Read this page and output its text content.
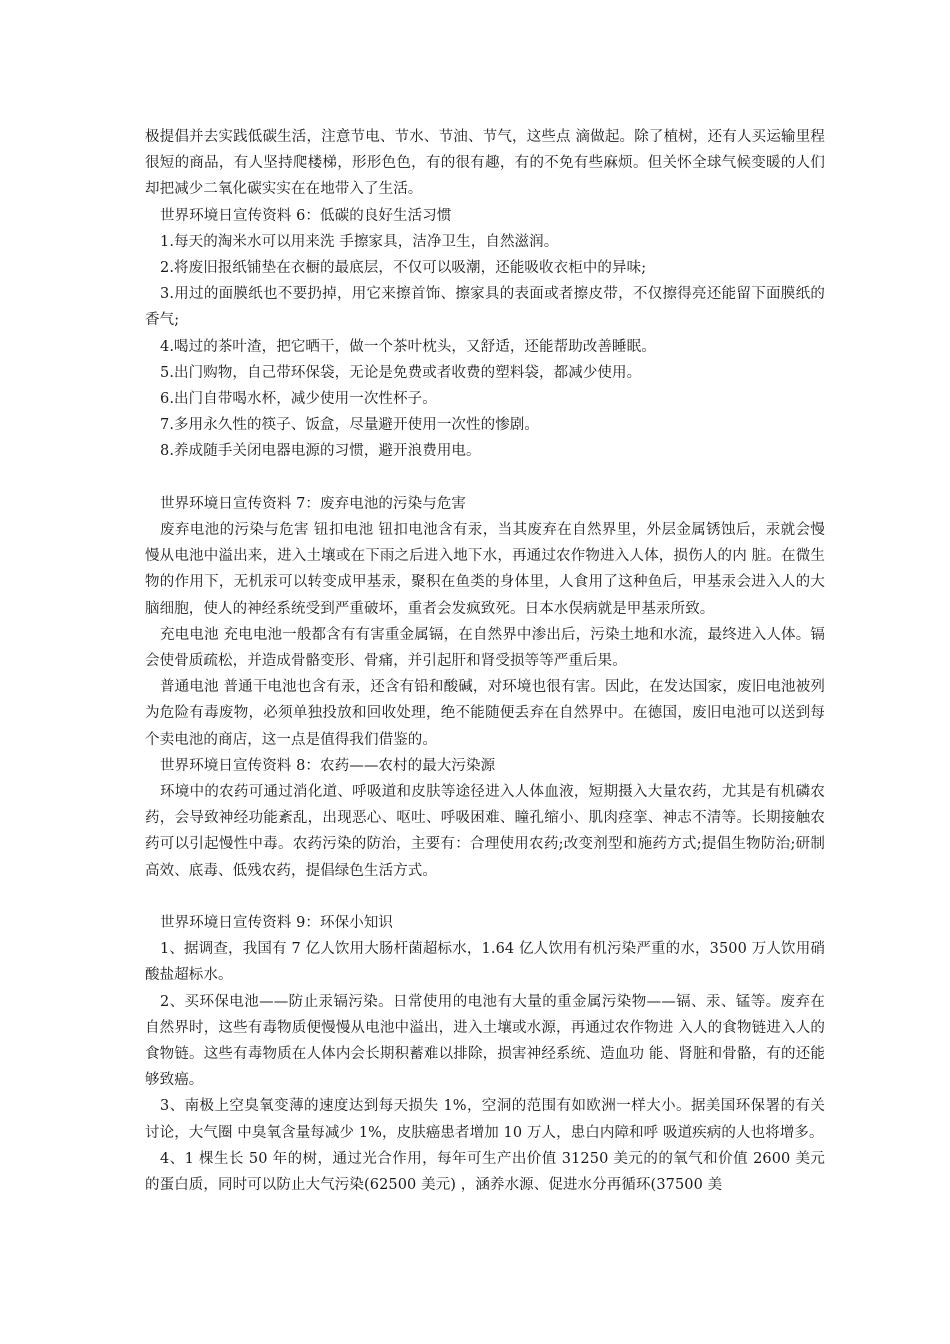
极提倡并去实践低碳生活，注意节电、节水、节油、节气，这些点 滴做起。除了植树，还有人买运输里程很短的商品，有人坚持爬楼梯，形形色色，有的很有趣，有的不免有些麻烦。但关怀全球气候变暖的人们却把减少二氧化碳实实在在地带入了生活。

世界环境日宣传资料 6：低碳的良好生活习惯

1.每天的淘米水可以用来洗 手擦家具，洁净卫生，自然滋润。

2.将废旧报纸铺垫在衣橱的最底层，不仅可以吸潮，还能吸收衣柜中的异味;

3.用过的面膜纸也不要扔掉，用它来擦首饰、擦家具的表面或者擦皮带，不仅擦得亮还能留下面膜纸的香气;

4.喝过的茶叶渣，把它晒干，做一个茶叶枕头，又舒适，还能帮助改善睡眠。

5.出门购物，自己带环保袋，无论是免费或者收费的塑料袋，都减少使用。

6.出门自带喝水杯，减少使用一次性杯子。

7.多用永久性的筷子、饭盒，尽量避开使用一次性的惨剧。

8.养成随手关闭电器电源的习惯，避开浪费用电。

世界环境日宣传资料 7：废弃电池的污染与危害

废弃电池的污染与危害 钮扣电池 钮扣电池含有汞，当其废弃在自然界里，外层金属锈蚀后，汞就会慢慢从电池中溢出来，进入土壤或在下雨之后进入地下水，再通过农作物进入人体，损伤人的内 脏。在微生物的作用下，无机汞可以转变成甲基汞，聚积在鱼类的身体里，人食用了这种鱼后，甲基汞会进入人的大脑细胞，使人的神经系统受到严重破坏，重者会发疯致死。日本水俣病就是甲基汞所致。

充电电池 充电电池一般都含有有害重金属镉，在自然界中渗出后，污染土地和水流，最终进入人体。镉会使骨质疏松，并造成骨骼变形、骨痛，并引起肝和肾受损等等严重后果。

普通电池 普通干电池也含有汞，还含有铅和酸碱，对环境也很有害。因此，在发达国家，废旧电池被列为危险有毒废物，必须单独投放和回收处理，绝不能随便丢弃在自然界中。在德国，废旧电池可以送到每个卖电池的商店，这一点是值得我们借鉴的。

世界环境日宣传资料 8：农药——农村的最大污染源

环境中的农药可通过消化道、呼吸道和皮肤等途径进入人体血液，短期摄入大量农药，尤其是有机磷农药，会导致神经功能紊乱，出现恶心、呕吐、呼吸困难、瞳孔缩小、肌肉痉挛、神志不清等。长期接触农药可以引起慢性中毒。农药污染的防治，主要有：合理使用农药;改变剂型和施药方式;提倡生物防治;研制高效、底毒、低残农药，提倡绿色生活方式。

世界环境日宣传资料 9：环保小知识

1、据调查，我国有 7 亿人饮用大肠杆菌超标水，1.64 亿人饮用有机污染严重的水，3500 万人饮用硝酸盐超标水。

2、买环保电池——防止汞镉污染。日常使用的电池有大量的重金属污染物——镉、汞、锰等。废弃在自然界时，这些有毒物质便慢慢从电池中溢出，进入土壤或水源，再通过农作物进 入人的食物链进入人的食物链。这些有毒物质在人体内会长期积蓄难以排除，损害神经系统、造血功 能、肾脏和骨骼，有的还能够致癌。

3、南极上空臭氧变薄的速度达到每天损失 1%，空洞的范围有如欧洲一样大小。据美国环保署的有关讨论，大气圈 中臭氧含量每减少 1%，皮肤癌患者增加 10 万人，患白内障和呼 吸道疾病的人也将增多。

4、1 棵生长 50 年的树，通过光合作用，每年可生产出价值 31250 美元的的氧气和价值 2600 美元的蛋白质，同时可以防止大气污染(62500 美元) ，涵养水源、促进水分再循环(37500 美
